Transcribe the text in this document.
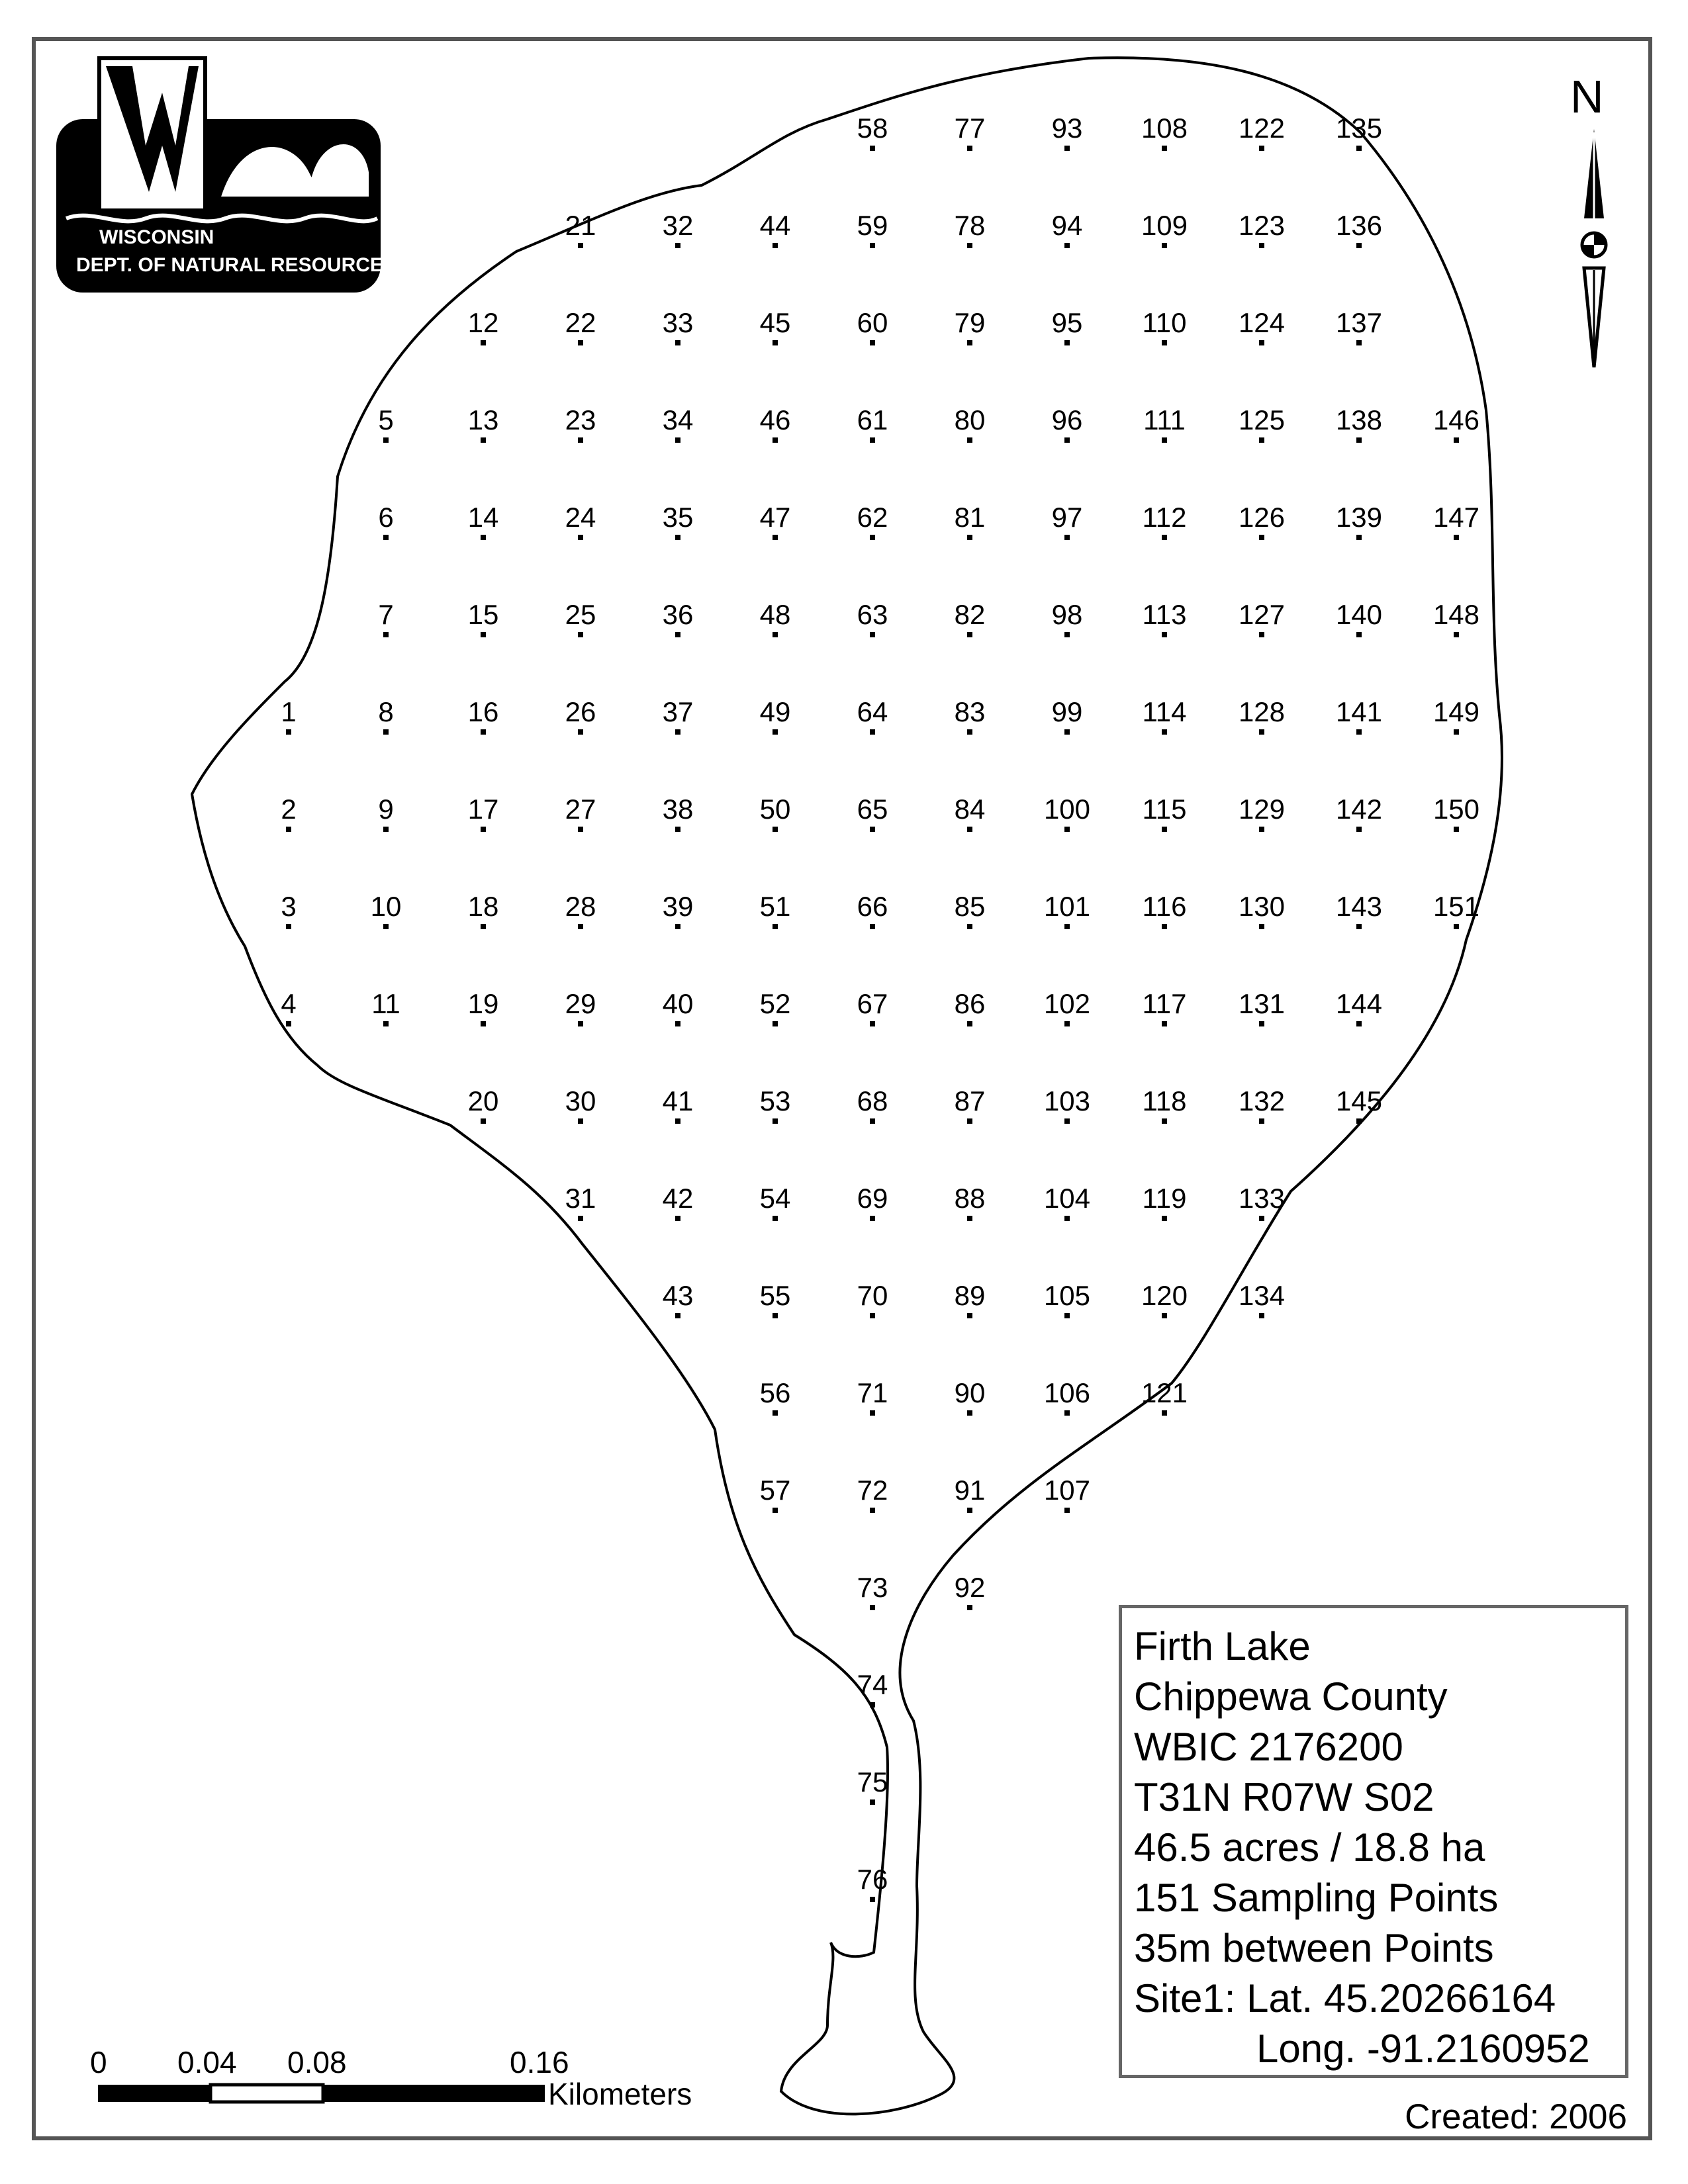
1
2
3
4
5
6
7
8
9
10
11
12
13
14
15
16
17
18
19
20
21
22
23
24
25
26
27
28
29
30
31
32
33
34
35
36
37
38
39
40
41
42
43
44
45
46
47
48
49
50
51
52
53
54
55
56
57
58
59
60
61
62
63
64
65
66
67
68
69
70
71
72
73
74
75
76
77
78
79
80
81
82
83
84
85
86
87
88
89
90
91
92
93
94
95
96
97
98
99
100
101
102
103
104
105
106
107
108
109
110
111
112
113
114
115
116
117
118
119
120
121
122
123
124
125
126
127
128
129
130
131
132
133
134
135
136
137
138
139
140
141
142
143
144
145
146
147
148
149
150
151
WISCONSIN
DEPT. OF NATURAL RESOURCES
N
0 0.04 0.08	0.16
Kilometers
Firth Lake
Chippewa County
WBIC 2176200
T31N R07W S02
46.5 acres / 18.8 ha
151 Sampling Points
35m between Points
Site1: Lat. 45.20266164
Long. -91.2160952
Created: 2006
